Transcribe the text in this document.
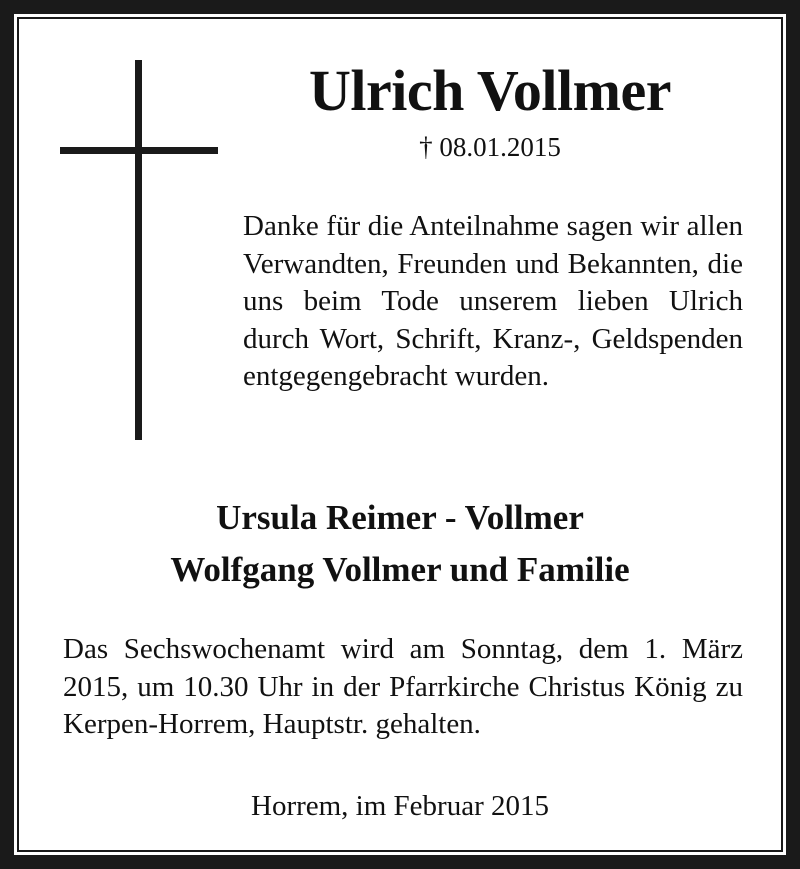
Ulrich Vollmer
† 08.01.2015

Danke für die Anteilnahme sagen wir allen Verwandten, Freunden und Bekannten, die uns beim Tode unserem lieben Ulrich durch Wort, Schrift, Kranz-, Geldspenden entgegengebracht wurden.

Ursula Reimer - Vollmer
Wolfgang Vollmer und Familie

Das Sechswochenamt wird am Sonntag, dem 1. März 2015, um 10.30 Uhr in der Pfarrkirche Christus König zu Kerpen-Horrem, Hauptstr. gehalten.

Horrem, im Februar 2015
